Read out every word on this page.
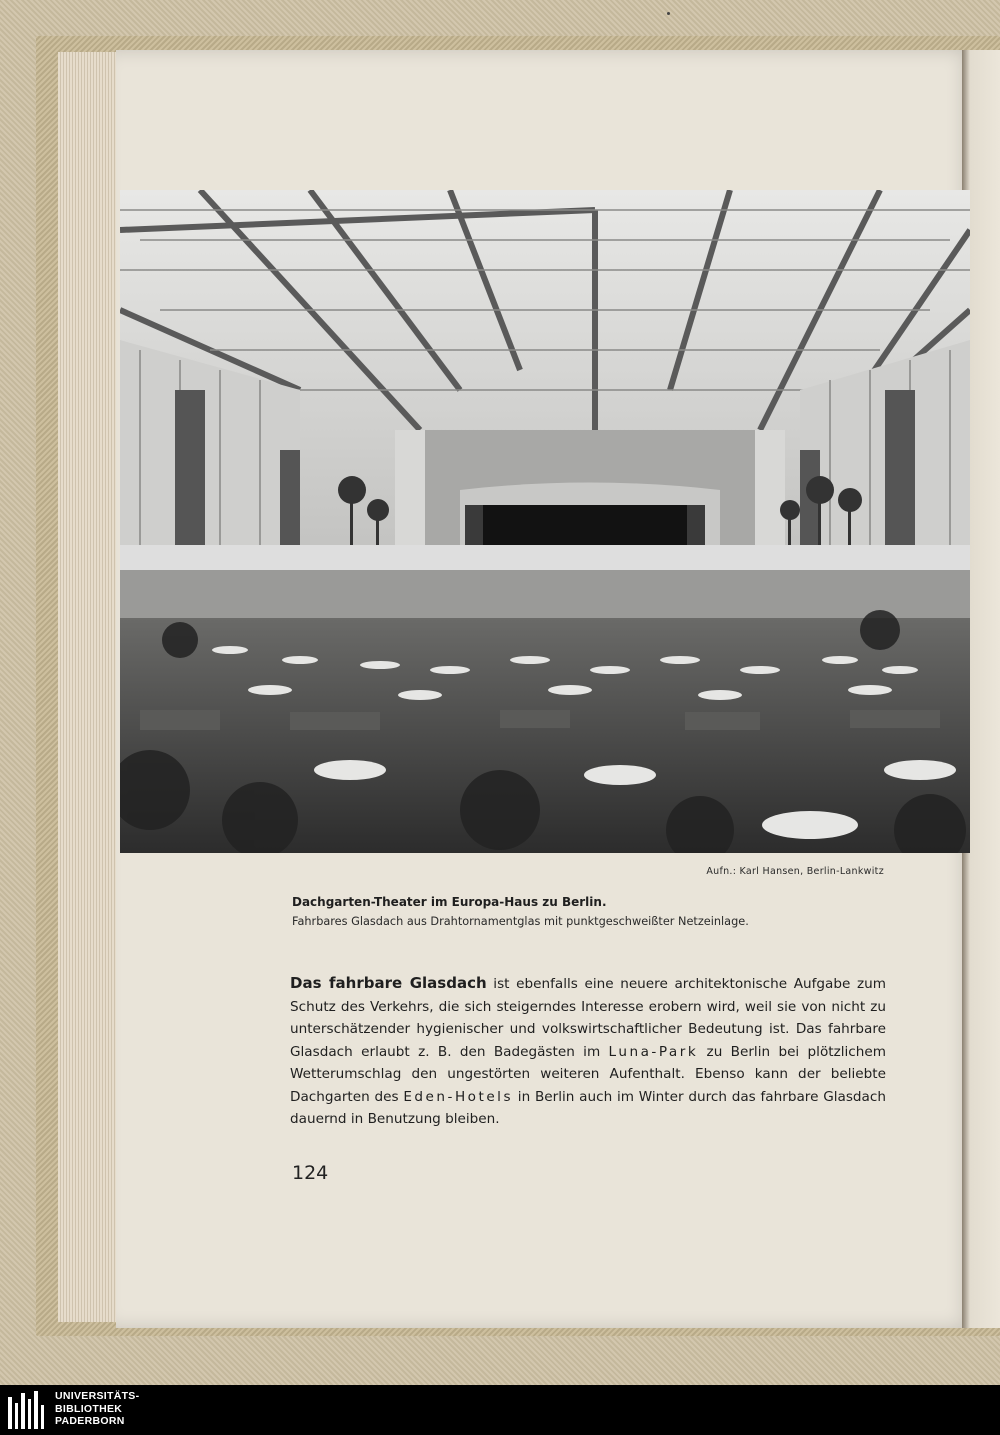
Aufn.: Karl Hansen, Berlin-Lankwitz
Dachgarten-Theater im Europa-Haus zu Berlin.
Fahrbares Glasdach aus Drahtornamentglas mit punktgeschweißter Netzeinlage.
Das fahrbare Glasdach ist ebenfalls eine neuere architektonische Aufgabe zum Schutz des Verkehrs, die sich steigerndes Interesse erobern wird, weil sie von nicht zu unterschätzender hygienischer und volkswirtschaftlicher Bedeutung ist. Das fahrbare Glasdach erlaubt z. B. den Badegästen im Luna-Park zu Berlin bei plötzlichem Wetterumschlag den ungestörten weiteren Aufenthalt. Ebenso kann der beliebte Dachgarten des Eden-Hotels in Berlin auch im Winter durch das fahrbare Glasdach dauernd in Benutzung bleiben.
124
UNIVERSITÄTS-
BIBLIOTHEK
PADERBORN
